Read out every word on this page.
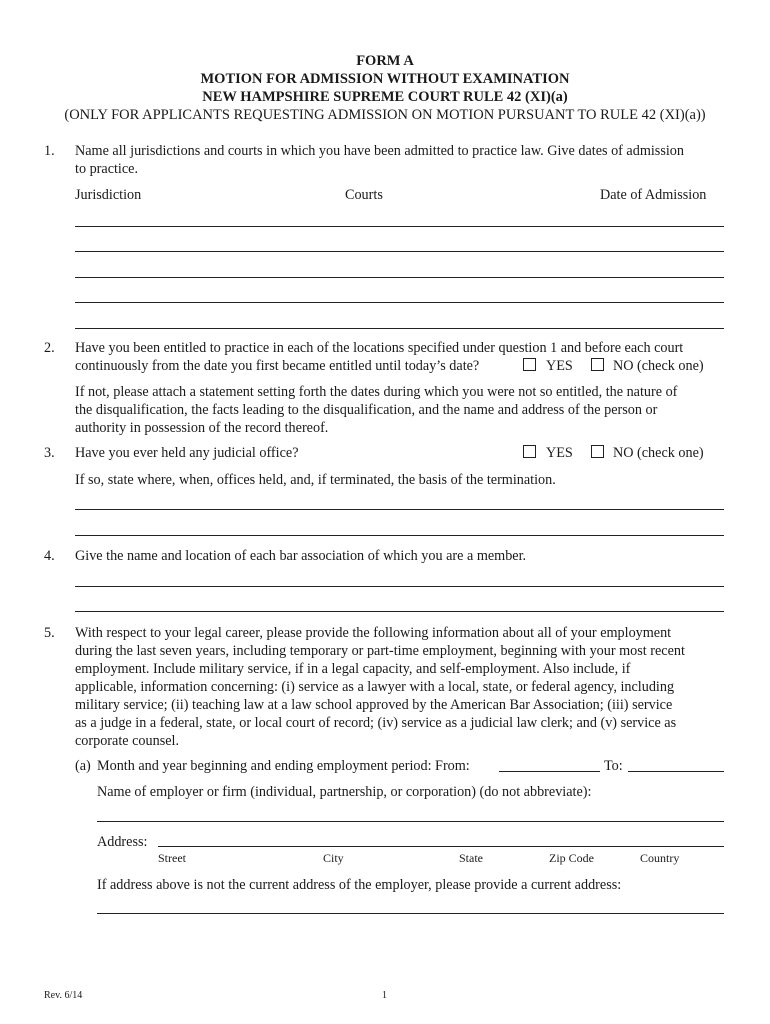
FORM A
MOTION FOR ADMISSION WITHOUT EXAMINATION
NEW HAMPSHIRE SUPREME COURT RULE 42 (XI)(a)
(ONLY FOR APPLICANTS REQUESTING ADMISSION ON MOTION PURSUANT TO RULE 42 (XI)(a))
1. Name all jurisdictions and courts in which you have been admitted to practice law. Give dates of admission
to practice.
Jurisdiction	Courts	Date of Admission
2. Have you been entitled to practice in each of the locations specified under question 1 and before each court
continuously from the date you first became entitled until today’s date?	YES	NO (check one)
If not, please attach a statement setting forth the dates during which you were not so entitled, the nature of
the disqualification, the facts leading to the disqualification, and the name and address of the person or
authority in possession of the record thereof.
3. Have you ever held any judicial office?	YES	NO (check one)
If so, state where, when, offices held, and, if terminated, the basis of the termination.
4. Give the name and location of each bar association of which you are a member.
5. With respect to your legal career, please provide the following information about all of your employment
during the last seven years, including temporary or part-time employment, beginning with your most recent
employment. Include military service, if in a legal capacity, and self-employment. Also include, if
applicable, information concerning: (i) service as a lawyer with a local, state, or federal agency, including
military service; (ii) teaching law at a law school approved by the American Bar Association; (iii) service
as a judge in a federal, state, or local court of record; (iv) service as a judicial law clerk; and (v) service as
corporate counsel.
(a) Month and year beginning and ending employment period: From:	To:
Name of employer or firm (individual, partnership, or corporation) (do not abbreviate):
Address:
Street	City	State	Zip Code	Country
If address above is not the current address of the employer, please provide a current address:
Rev. 6/14	1
